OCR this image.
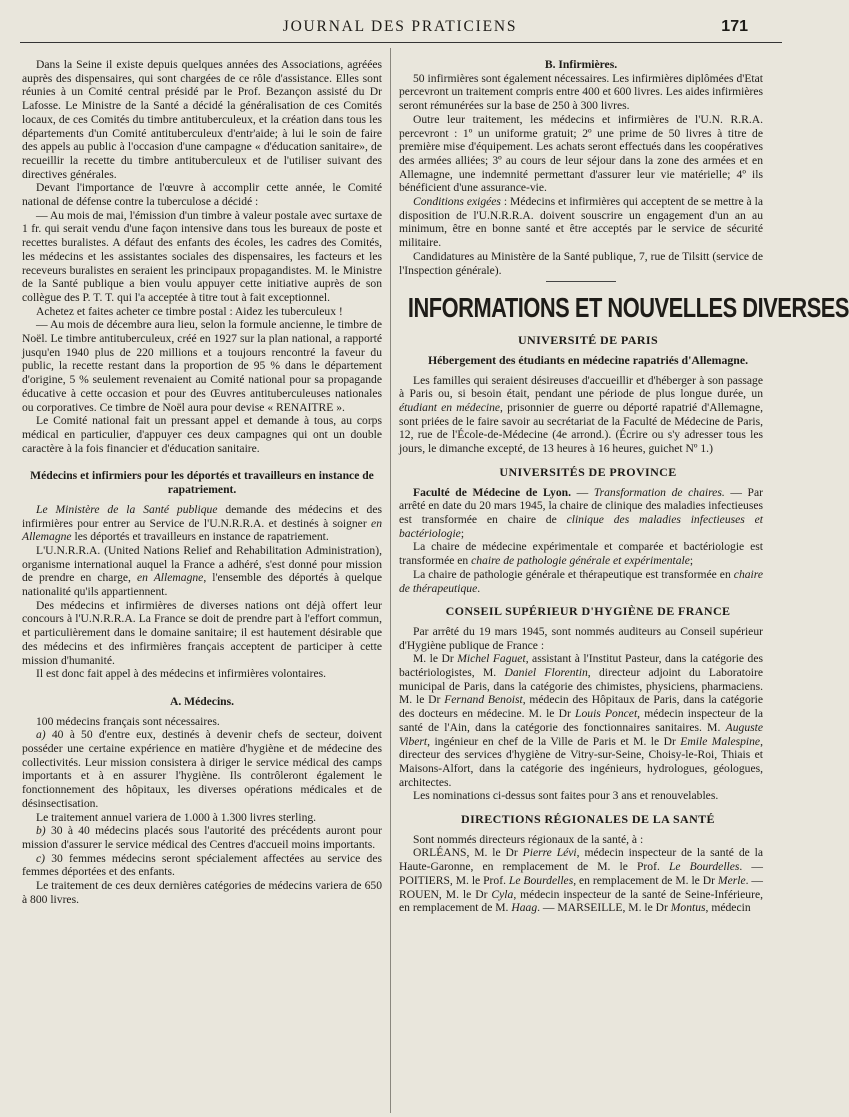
JOURNAL DES PRATICIENS	171

Dans la Seine il existe depuis quelques années des Associations, agréées auprès des dispensaires, qui sont chargées de ce rôle d'assistance. Elles sont réunies à un Comité central présidé par le Prof. Bezançon assisté du Dr Lafosse. Le Ministre de la Santé a décidé la généralisation de ces Comités locaux, de ces Comités du timbre antituberculeux, et la création dans tous les départements d'un Comité antituberculeux d'entr'aide; à lui le soin de faire des appels au public à l'occasion d'une campagne « d'éducation sanitaire», de recueillir la recette du timbre antituberculeux et de l'utiliser suivant des directives générales.

Devant l'importance de l'œuvre à accomplir cette année, le Comité national de défense contre la tuberculose a décidé :

— Au mois de mai, l'émission d'un timbre à valeur postale avec surtaxe de 1 fr. qui serait vendu d'une façon intensive dans tous les bureaux de poste et recettes buralistes. A défaut des enfants des écoles, les cadres des Comités, les médecins et les assistantes sociales des dispensaires, les facteurs et les receveurs buralistes en seraient les principaux propagandistes. M. le Ministre de la Santé publique a bien voulu appuyer cette initiative auprès de son collègue des P. T. T. qui l'a acceptée à titre tout à fait exceptionnel.

Achetez et faites acheter ce timbre postal : Aidez les tuberculeux !

— Au mois de décembre aura lieu, selon la formule ancienne, le timbre de Noël. Le timbre antituberculeux, créé en 1927 sur la plan national, a rapporté jusqu'en 1940 plus de 220 millions et a toujours rencontré la faveur du public, la recette restant dans la proportion de 95 % dans le département d'origine, 5 % seulement revenaient au Comité national pour sa propagande éducative à cette occasion et pour des Œuvres antituberculeuses nationales ou corporatives. Ce timbre de Noël aura pour devise « RENAITRE ».

Le Comité national fait un pressant appel et demande à tous, au corps médical en particulier, d'appuyer ces deux campagnes qui ont un double caractère à la fois financier et d'éducation sanitaire.

Médecins et infirmiers pour les déportés et travailleurs en instance de rapatriement.

Le Ministère de la Santé publique demande des médecins et des infirmières pour entrer au Service de l'U.N.R.R.A. et destinés à soigner en Allemagne les déportés et travailleurs en instance de rapatriement.

L'U.N.R.R.A. (United Nations Relief and Rehabilitation Administration), organisme international auquel la France a adhéré, s'est donné pour mission de prendre en charge, en Allemagne, l'ensemble des déportés à quelque nationalité qu'ils appartiennent.

Des médecins et infirmières de diverses nations ont déjà offert leur concours à l'U.N.R.R.A. La France se doit de prendre part à l'effort commun, et particulièrement dans le domaine sanitaire; il est hautement désirable que des médecins et des infirmières français acceptent de participer à cette mission d'humanité.

Il est donc fait appel à des médecins et infirmières volontaires.

A. Médecins.

100 médecins français sont nécessaires.

a) 40 à 50 d'entre eux, destinés à devenir chefs de secteur, doivent posséder une certaine expérience en matière d'hygiène et de médecine des collectivités. Leur mission consistera à diriger le service médical des camps importants et à en assurer l'hygiène. Ils contrôleront également le fonctionnement des hôpitaux, les diverses opérations médicales et de désinsectisation.

Le traitement annuel variera de 1.000 à 1.300 livres sterling.

b) 30 à 40 médecins placés sous l'autorité des précédents auront pour mission d'assurer le service médical des Centres d'accueil moins importants.

c) 30 femmes médecins seront spécialement affectées au service des femmes déportées et des enfants.

Le traitement de ces deux dernières catégories de médecins variera de 650 à 800 livres.

B. Infirmières.

50 infirmières sont également nécessaires. Les infirmières diplômées d'Etat percevront un traitement compris entre 400 et 600 livres. Les aides infirmières seront rémunérées sur la base de 250 à 300 livres.

Outre leur traitement, les médecins et infirmières de l'U.N. R.R.A. percevront : 1º un uniforme gratuit; 2º une prime de 50 livres à titre de première mise d'équipement. Les achats seront effectués dans les coopératives des armées alliées; 3º au cours de leur séjour dans la zone des armées et en Allemagne, une indemnité permettant d'assurer leur vie matérielle; 4º ils bénéficient d'une assurance-vie.

Conditions exigées : Médecins et infirmières qui acceptent de se mettre à la disposition de l'U.N.R.R.A. doivent souscrire un engagement d'un an au minimum, être en bonne santé et être acceptés par le service de sécurité militaire.

Candidatures au Ministère de la Santé publique, 7, rue de Tilsitt (service de l'Inspection générale).

INFORMATIONS ET NOUVELLES DIVERSES

UNIVERSITÉ DE PARIS

Hébergement des étudiants en médecine rapatriés d'Allemagne.

Les familles qui seraient désireuses d'accueillir et d'héberger à son passage à Paris ou, si besoin était, pendant une période de plus longue durée, un étudiant en médecine, prisonnier de guerre ou déporté rapatrié d'Allemagne, sont priées de le faire savoir au secrétariat de la Faculté de Médecine de Paris, 12, rue de l'École-de-Médecine (4e arrond.). (Écrire ou s'y adresser tous les jours, le dimanche excepté, de 13 heures à 16 heures, guichet Nº 1.)

UNIVERSITÉS DE PROVINCE

Faculté de Médecine de Lyon. — Transformation de chaires. — Par arrêté en date du 20 mars 1945, la chaire de clinique des maladies infectieuses est transformée en chaire de clinique des maladies infectieuses et bactériologie;

La chaire de médecine expérimentale et comparée et bactériologie est transformée en chaire de pathologie générale et expérimentale;

La chaire de pathologie générale et thérapeutique est transformée en chaire de thérapeutique.

CONSEIL SUPÉRIEUR D'HYGIÈNE DE FRANCE

Par arrêté du 19 mars 1945, sont nommés auditeurs au Conseil supérieur d'Hygiène publique de France :

M. le Dr Michel Faguet, assistant à l'Institut Pasteur, dans la catégorie des bactériologistes, M. Daniel Florentin, directeur adjoint du Laboratoire municipal de Paris, dans la catégorie des chimistes, physiciens, pharmaciens. M. le Dr Fernand Benoist, médecin des Hôpitaux de Paris, dans la catégorie des docteurs en médecine. M. le Dr Louis Poncet, médecin inspecteur de la santé de l'Ain, dans la catégorie des fonctionnaires sanitaires. M. Auguste Vibert, ingénieur en chef de la Ville de Paris et M. le Dr Emile Malespine, directeur des services d'hygiène de Vitry-sur-Seine, Choisy-le-Roi, Thiais et Maisons-Alfort, dans la catégorie des ingénieurs, hydrologues, géologues, architectes.

Les nominations ci-dessus sont faites pour 3 ans et renouvelables.

DIRECTIONS RÉGIONALES DE LA SANTÉ

Sont nommés directeurs régionaux de la santé, à :

ORLÉANS, M. le Dr Pierre Lévi, médecin inspecteur de la santé de la Haute-Garonne, en remplacement de M. le Prof. Le Bourdelles. — POITIERS, M. le Prof. Le Bourdelles, en remplacement de M. le Dr Merle. — ROUEN, M. le Dr Cyla, médecin inspecteur de la santé de Seine-Inférieure, en remplacement de M. Haag. — MARSEILLE, M. le Dr Montus, médecin
